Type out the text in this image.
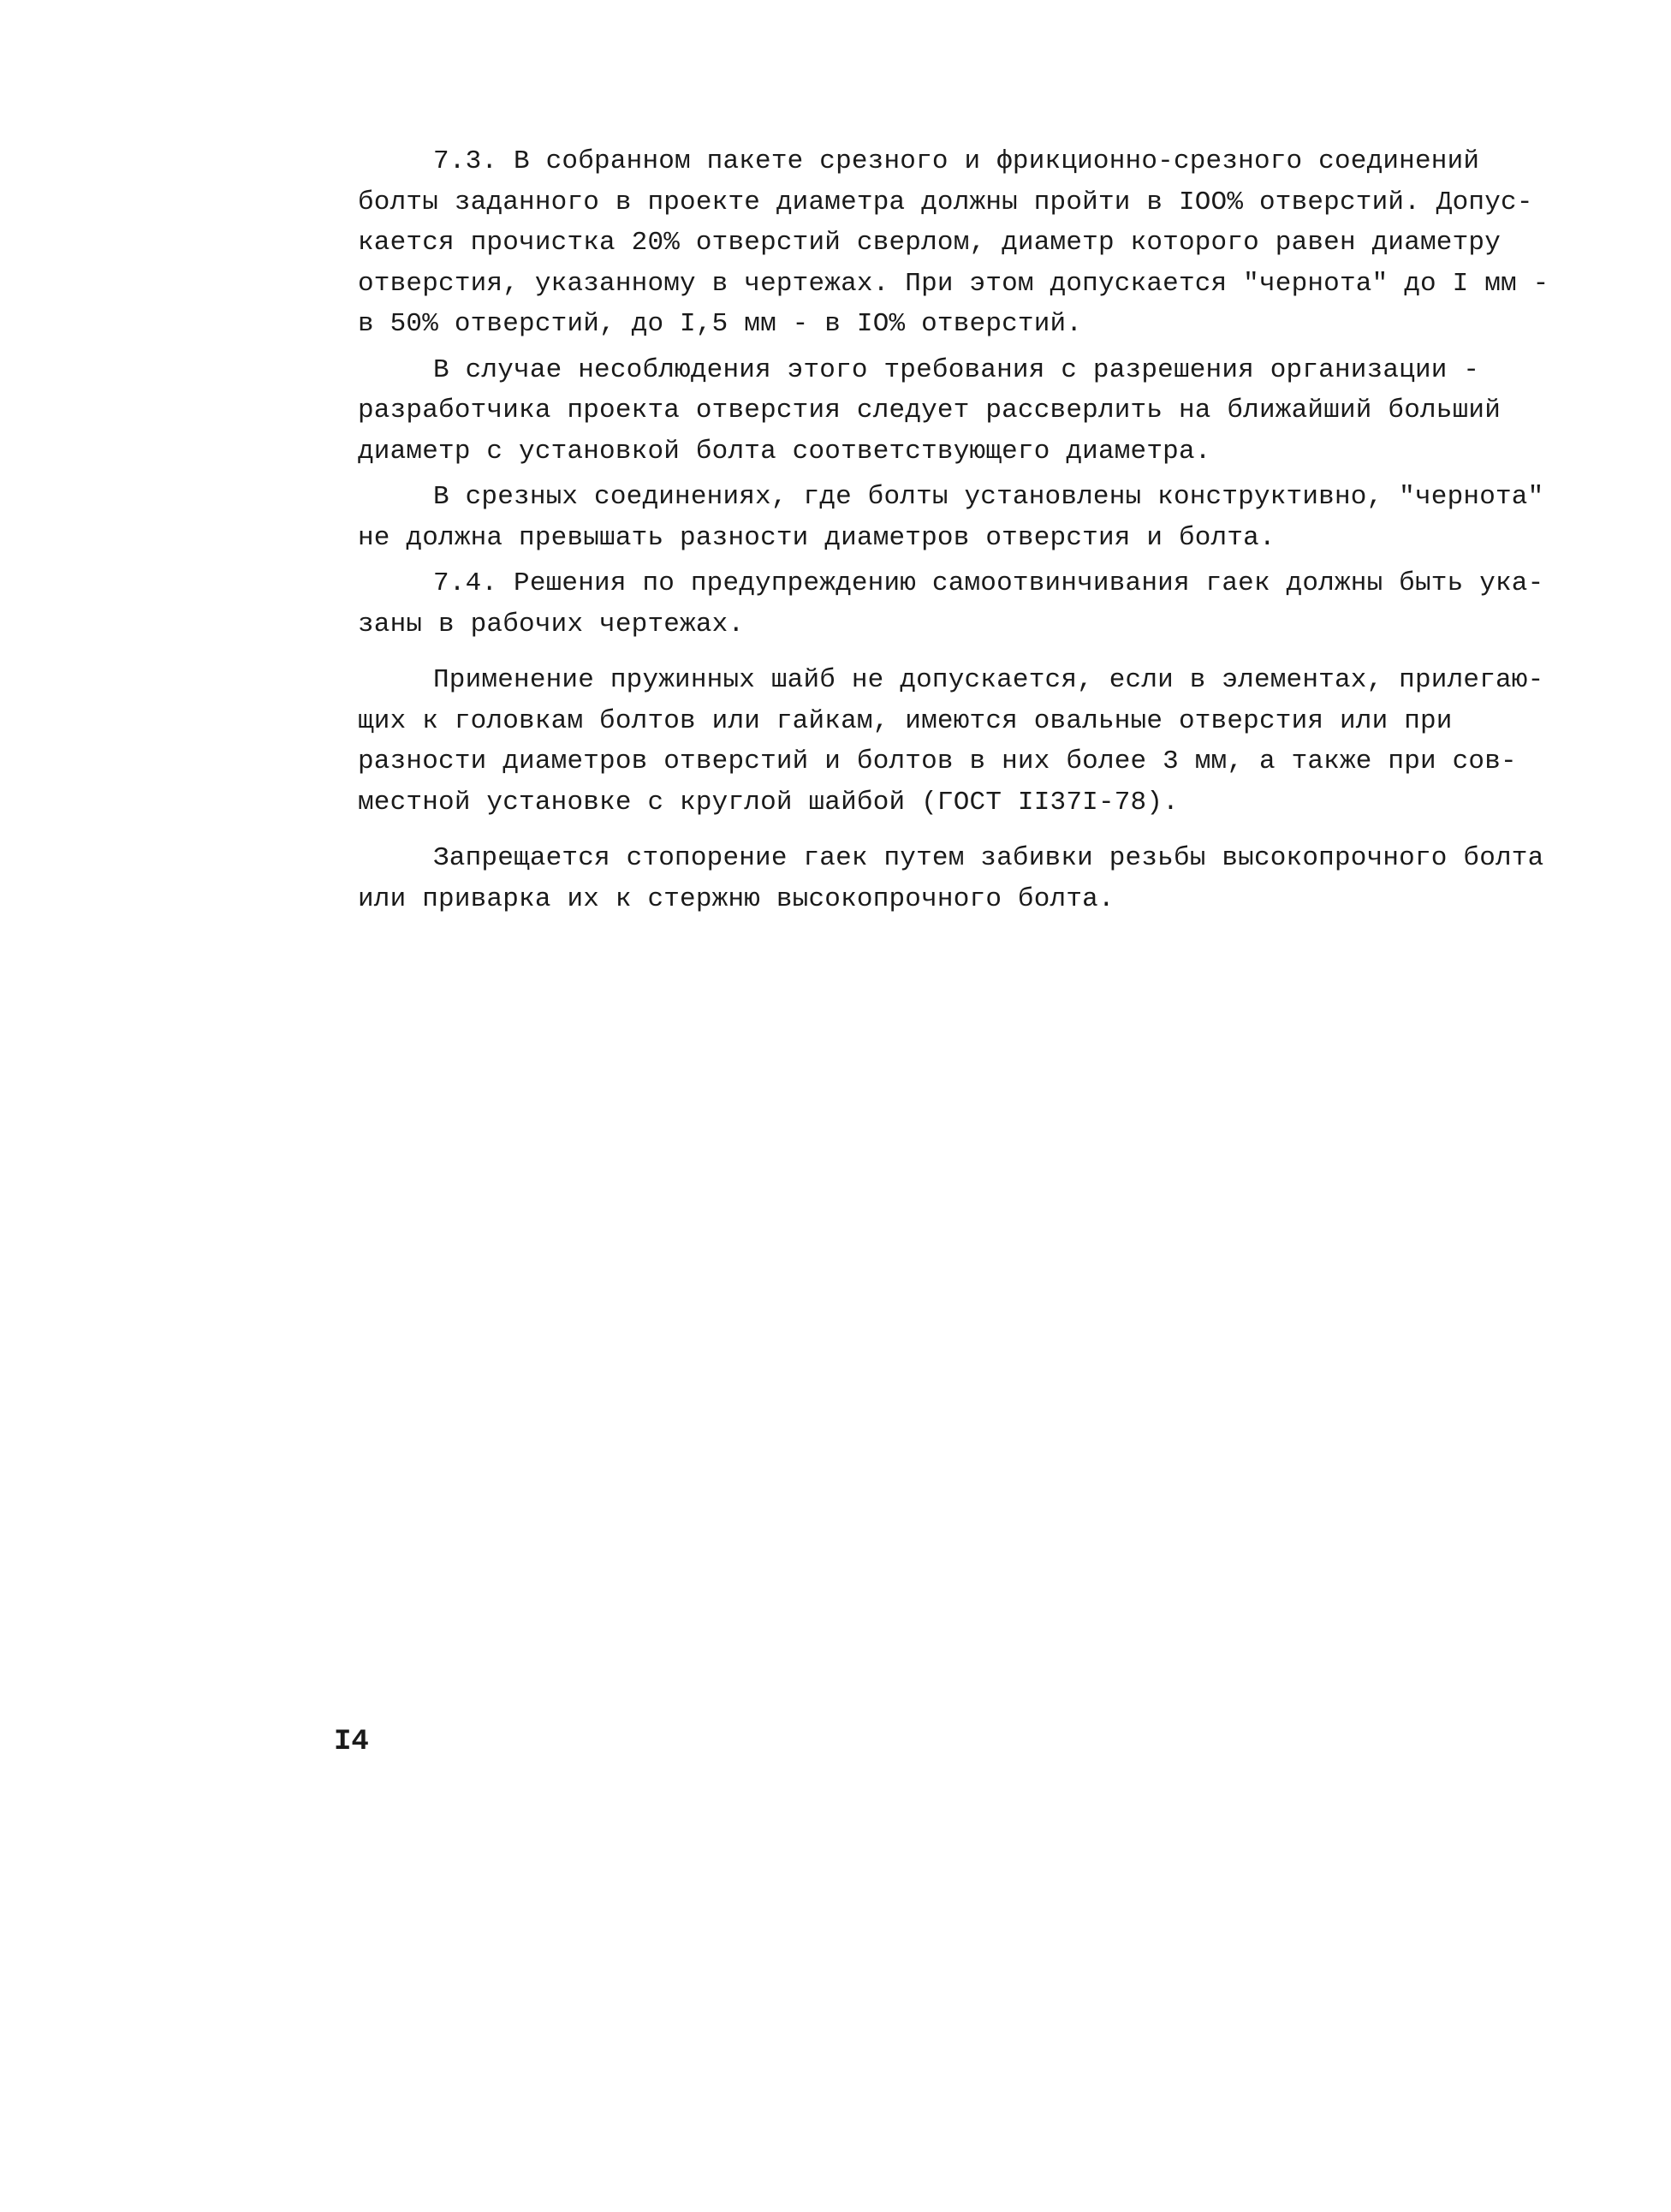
7.3. В собранном пакете срезного и фрикционно-срезного соединений
болты заданного в проекте диаметра должны пройти в IOO% отверстий. Допус-
кается прочистка 20% отверстий сверлом, диаметр которого равен диаметру
отверстия, указанному в чертежах. При этом допускается "чернота" до I мм -
в 50% отверстий, до I,5 мм - в IO% отверстий.
В случае несоблюдения этого требования с разрешения организации -
разработчика проекта отверстия следует рассверлить на ближайший больший
диаметр с установкой болта соответствующего диаметра.
В срезных соединениях, где болты установлены конструктивно, "чернота"
не должна превышать разности диаметров отверстия и болта.
7.4. Решения по предупреждению самоотвинчивания гаек должны быть ука-
заны в рабочих чертежах.
Применение пружинных шайб не допускается, если в элементах, прилегаю-
щих к головкам болтов или гайкам, имеются овальные отверстия или при
разности диаметров отверстий и болтов в них более 3 мм, а также при сов-
местной установке с круглой шайбой (ГОСТ II37I-78).
Запрещается стопорение гаек путем забивки резьбы высокопрочного болта
или приварка их к стержню высокопрочного болта.
I4
